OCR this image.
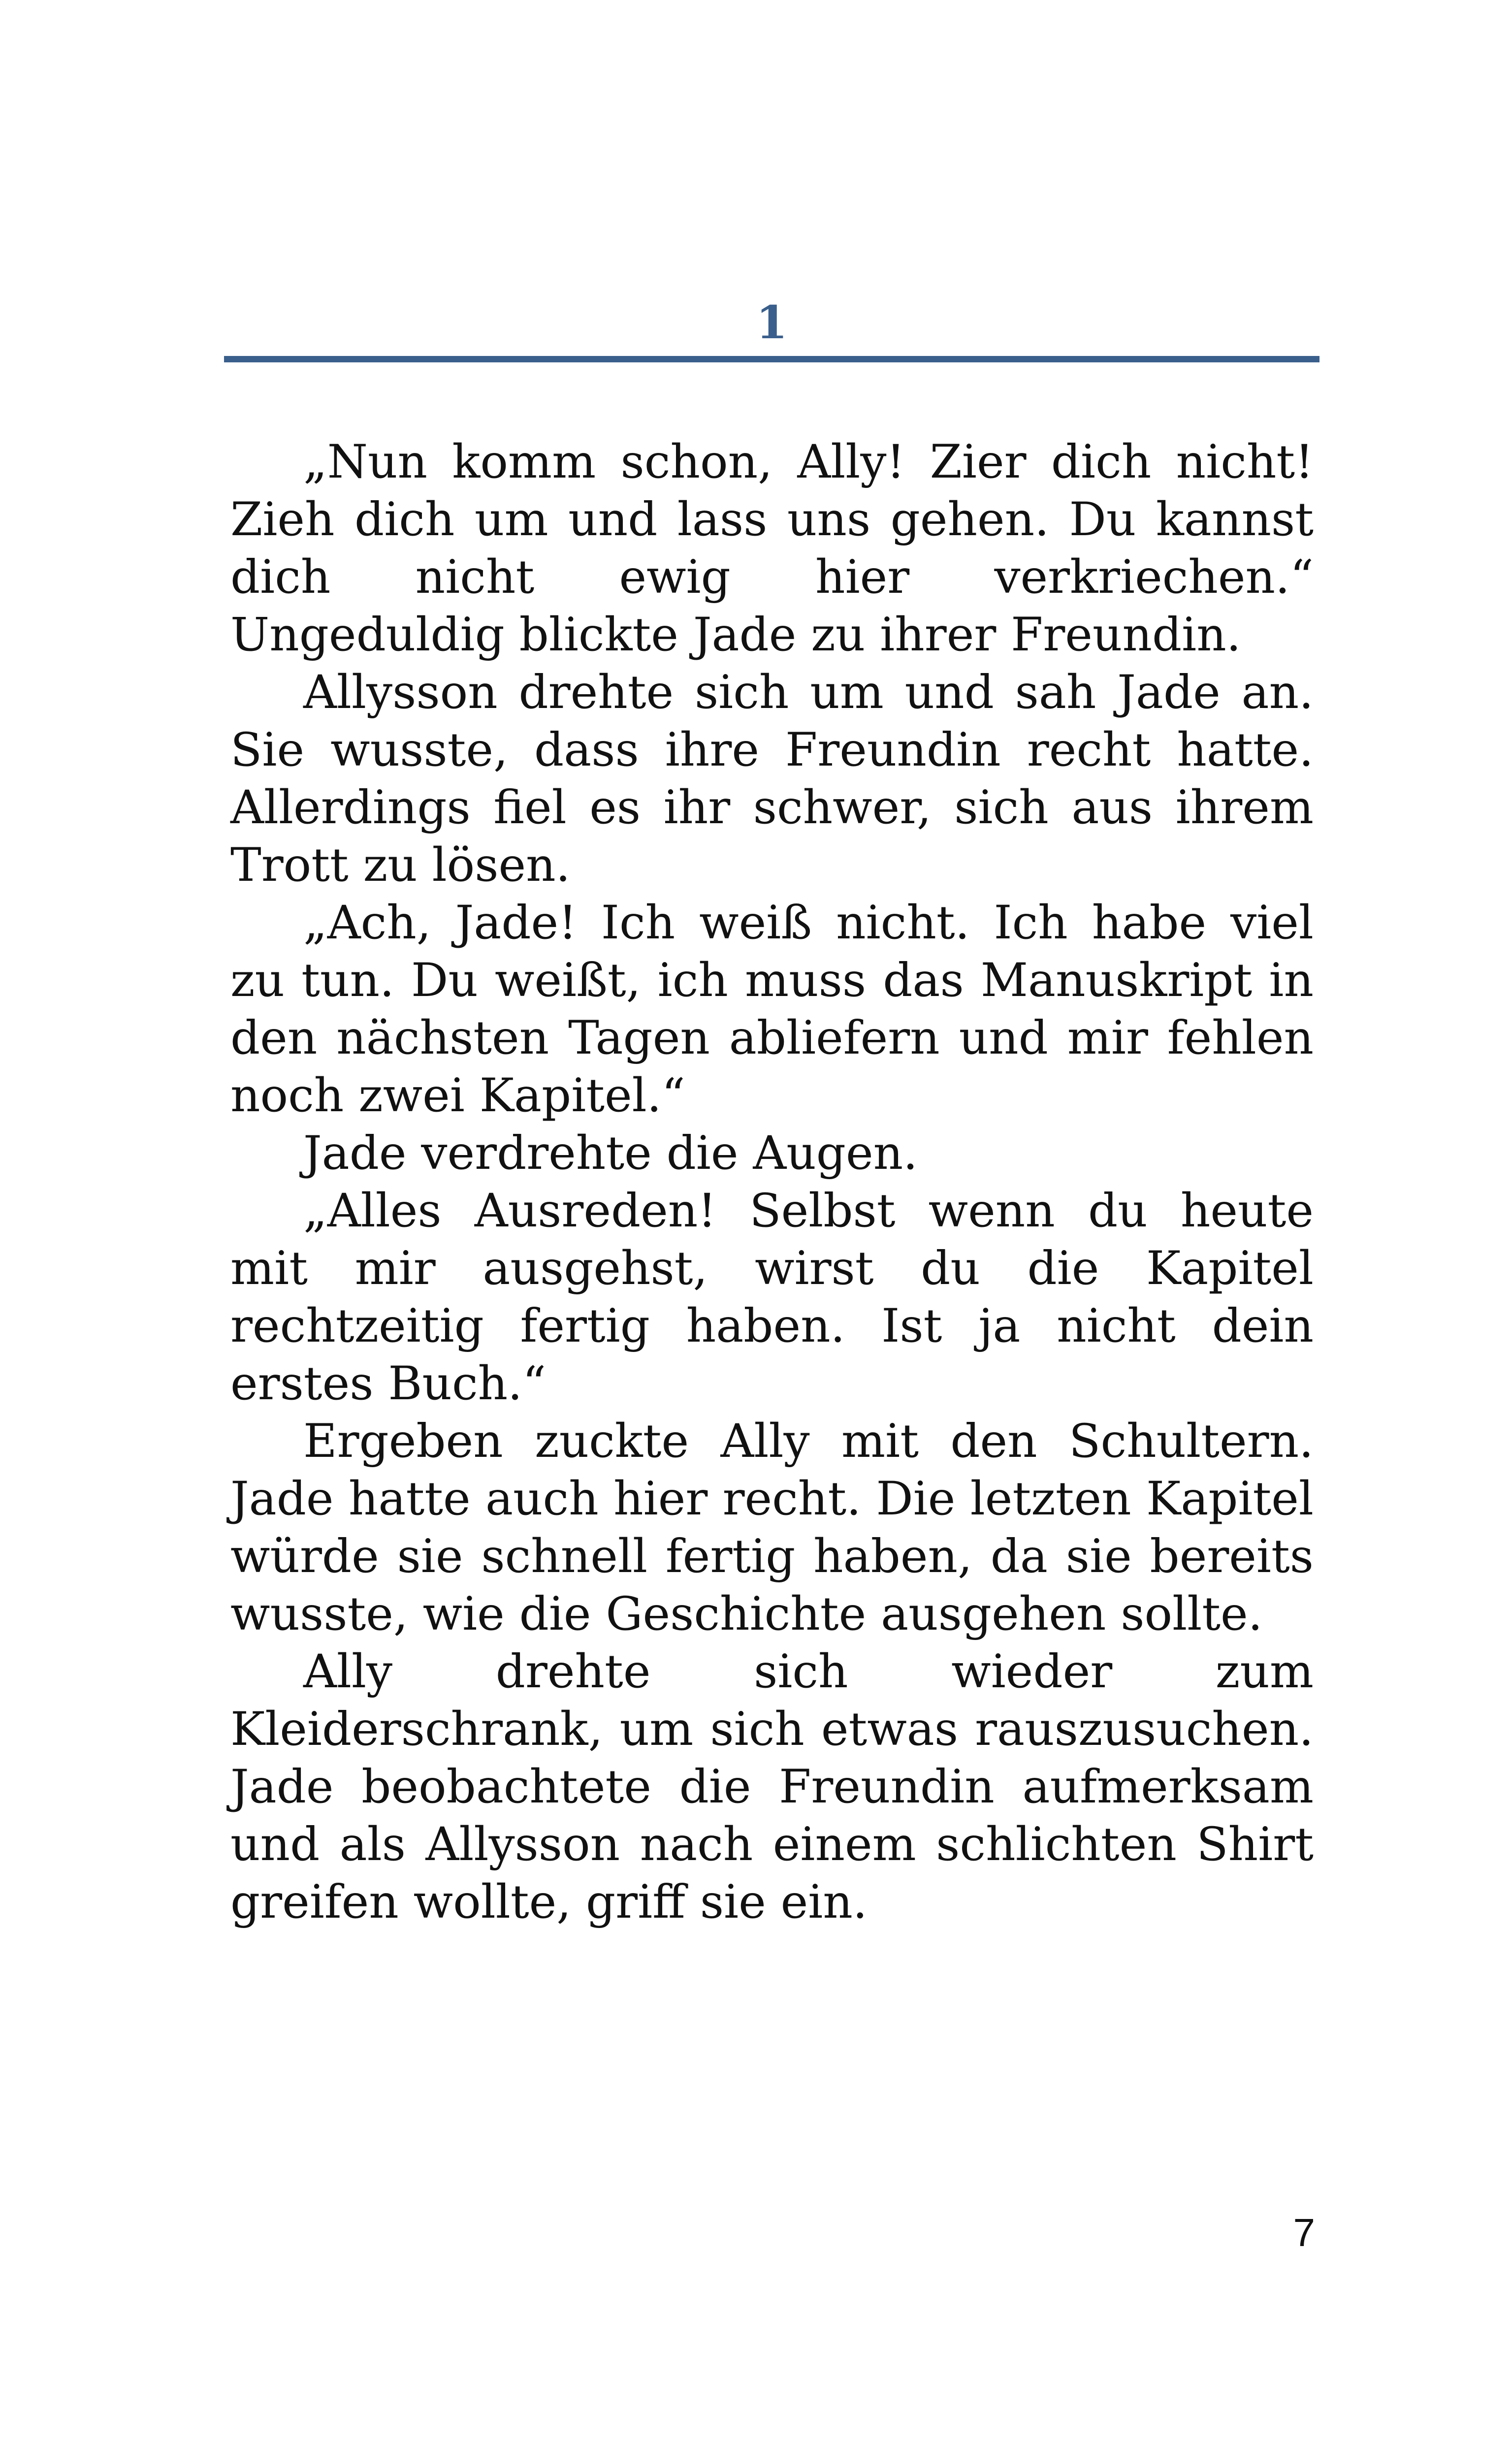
1

„Nun komm schon, Ally! Zier dich nicht! Zieh dich um und lass uns gehen. Du kannst dich nicht ewig hier verkriechen.“ Ungeduldig blickte Jade zu ihrer Freundin.

Allysson drehte sich um und sah Jade an. Sie wusste, dass ihre Freundin recht hatte. Allerdings fiel es ihr schwer, sich aus ihrem Trott zu lösen.

„Ach, Jade! Ich weiß nicht. Ich habe viel zu tun. Du weißt, ich muss das Manuskript in den nächsten Tagen abliefern und mir fehlen noch zwei Kapitel.“

Jade verdrehte die Augen.

„Alles Ausreden! Selbst wenn du heute mit mir ausgehst, wirst du die Kapitel rechtzeitig fertig haben. Ist ja nicht dein erstes Buch.“

Ergeben zuckte Ally mit den Schultern. Jade hatte auch hier recht. Die letzten Kapitel würde sie schnell fertig haben, da sie bereits wusste, wie die Geschichte ausgehen sollte.

Ally drehte sich wieder zum Kleiderschrank, um sich etwas rauszusuchen. Jade beobachtete die Freundin aufmerksam und als Allysson nach einem schlichten Shirt greifen wollte, griff sie ein.

7
